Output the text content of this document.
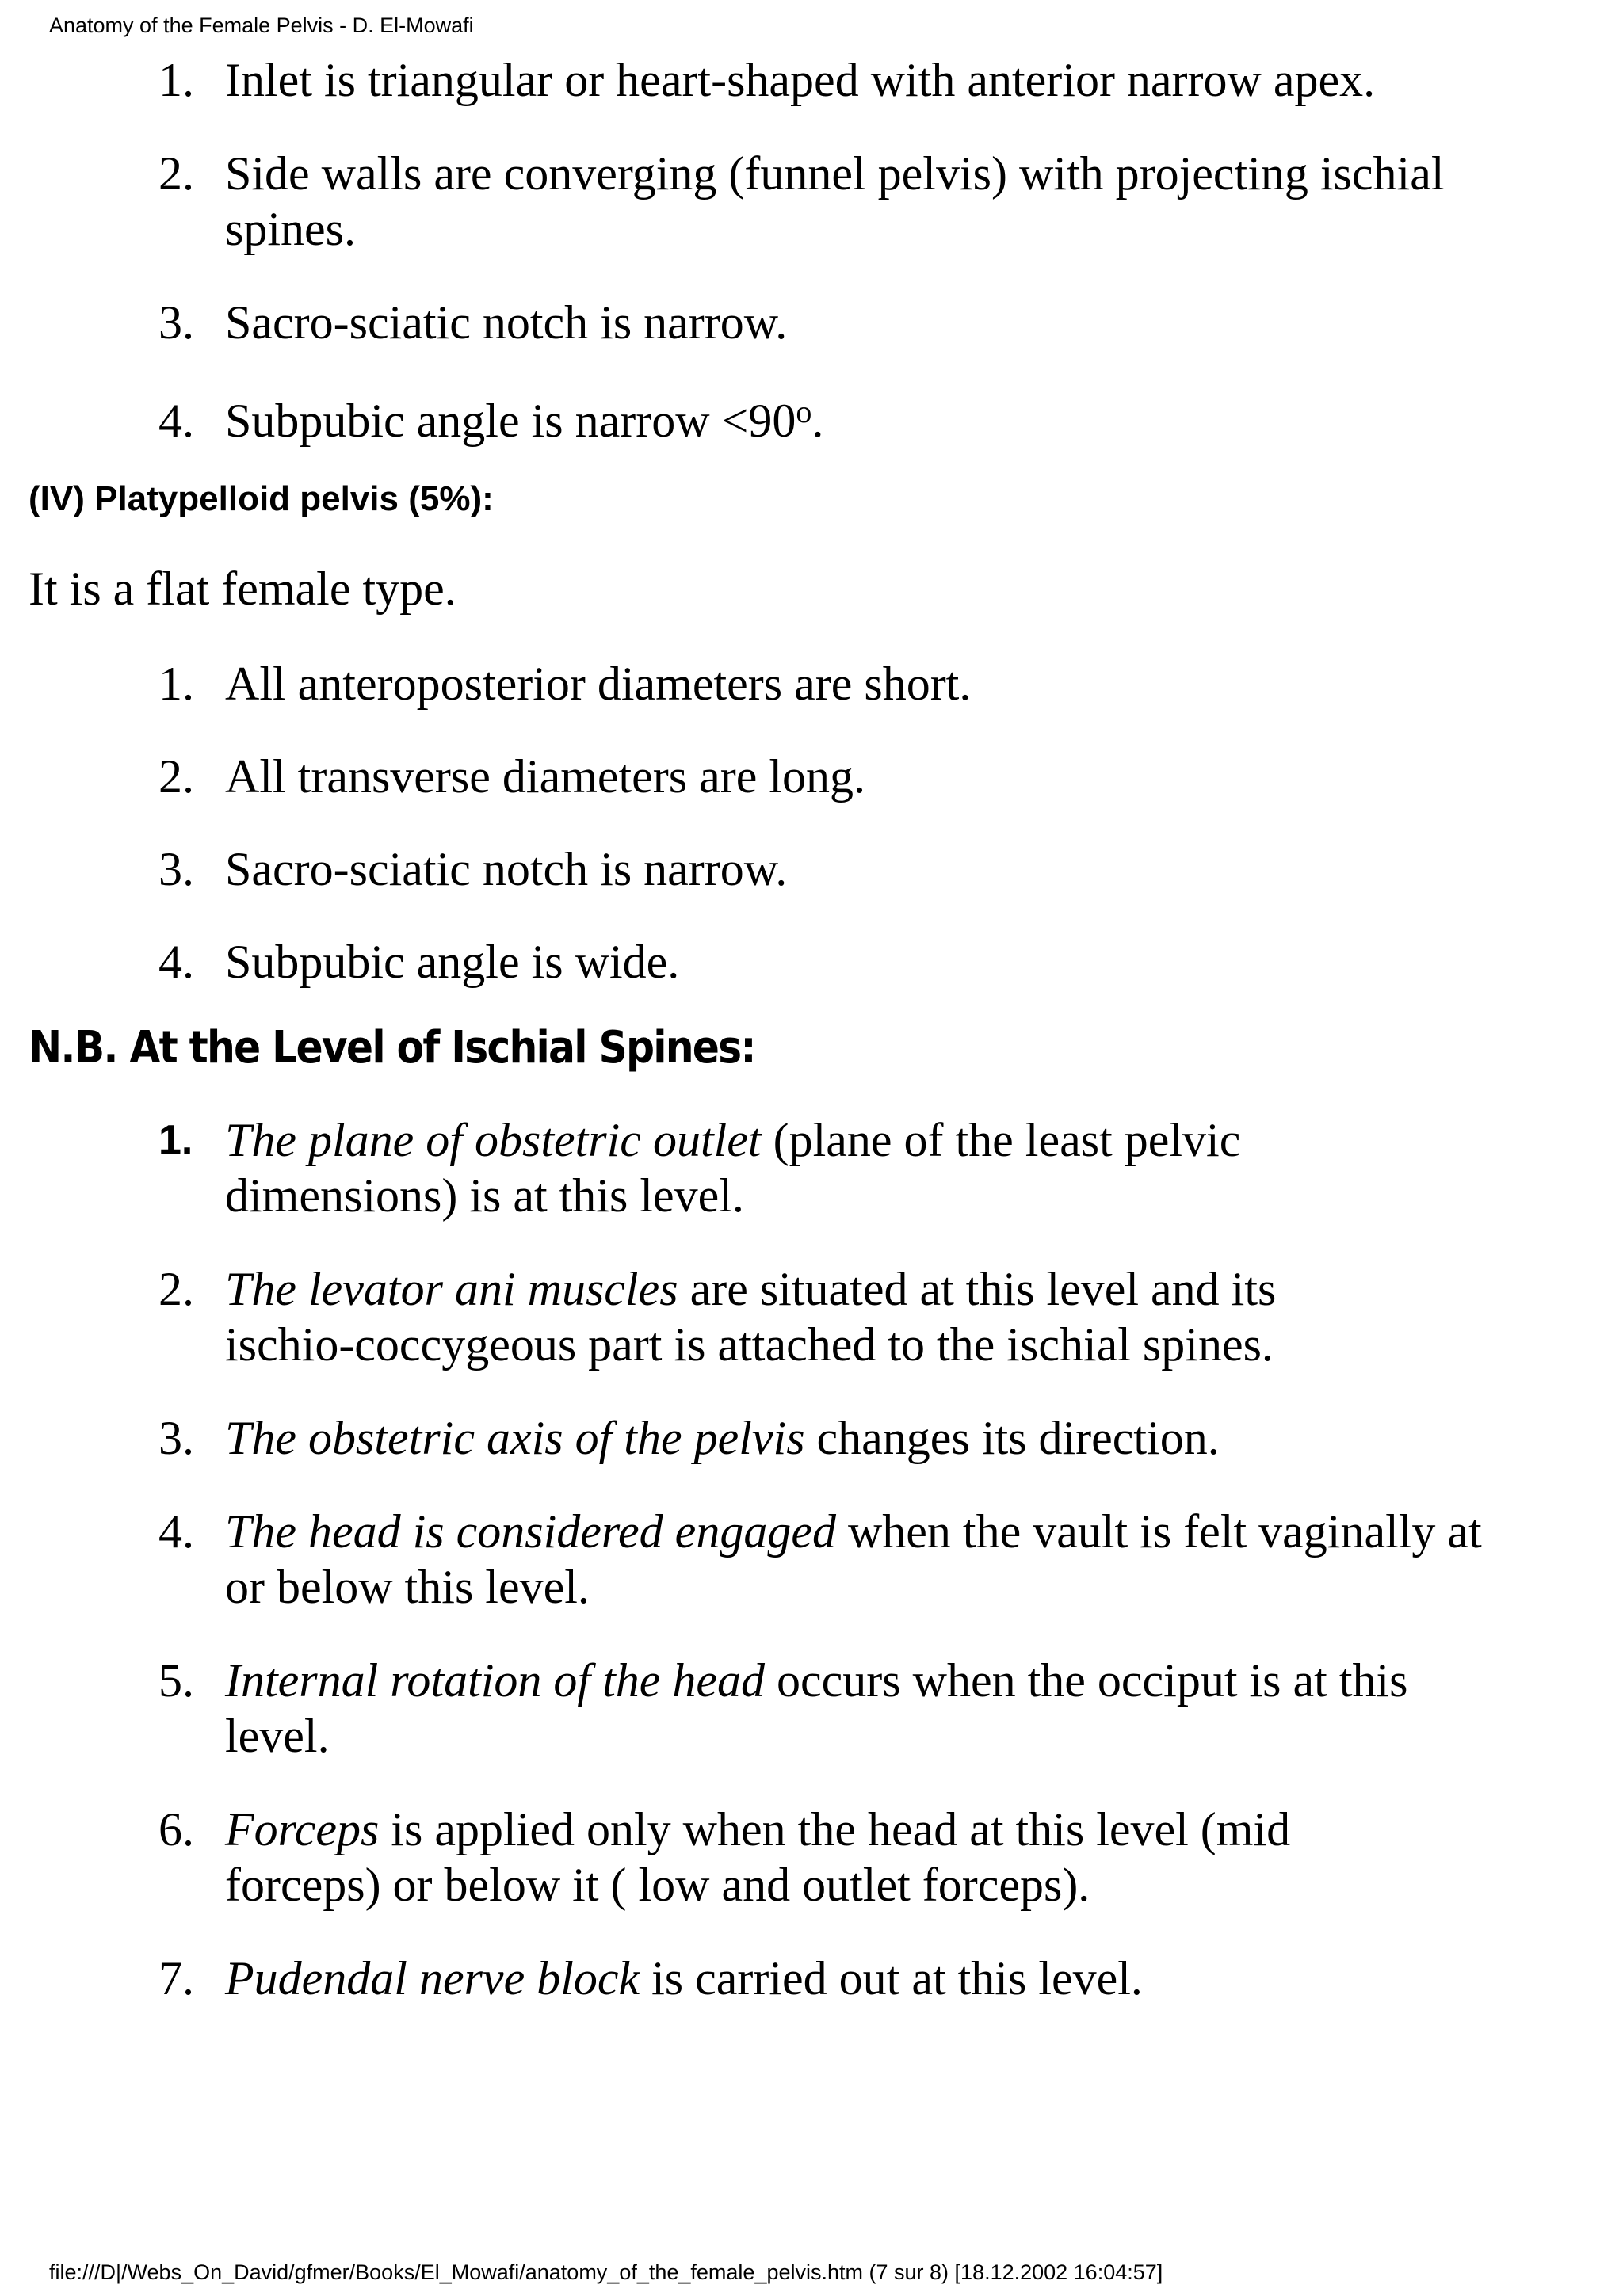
Anatomy of the Female Pelvis - D. El-Mowafi
1. Inlet is triangular or heart-shaped with anterior narrow apex.
2. Side walls are converging (funnel pelvis) with projecting ischial spines.
3. Sacro-sciatic notch is narrow.
4. Subpubic angle is narrow $<90^o$.
(IV) Platypelloid pelvis (5%):
It is a flat female type.
1. All anteroposterior diameters are short.
2. All transverse diameters are long.
3. Sacro-sciatic notch is narrow.
4. Subpubic angle is wide.
N.B. At the Level of Ischial Spines:
1. The plane of obstetric outlet (plane of the least pelvic dimensions) is at this level.
2. The levator ani muscles are situated at this level and its ischio-coccygeous part is attached to the ischial spines.
3. The obstetric axis of the pelvis changes its direction.
4. The head is considered engaged when the vault is felt vaginally at or below this level.
5. Internal rotation of the head occurs when the occiput is at this level.
6. Forceps is applied only when the head at this level (mid forceps) or below it ( low and outlet forceps).
7. Pudendal nerve block is carried out at this level.
file:///D|/Webs_On_David/gfmer/Books/El_Mowafi/anatomy_of_the_female_pelvis.htm (7 sur 8) [18.12.2002 16:04:57]
